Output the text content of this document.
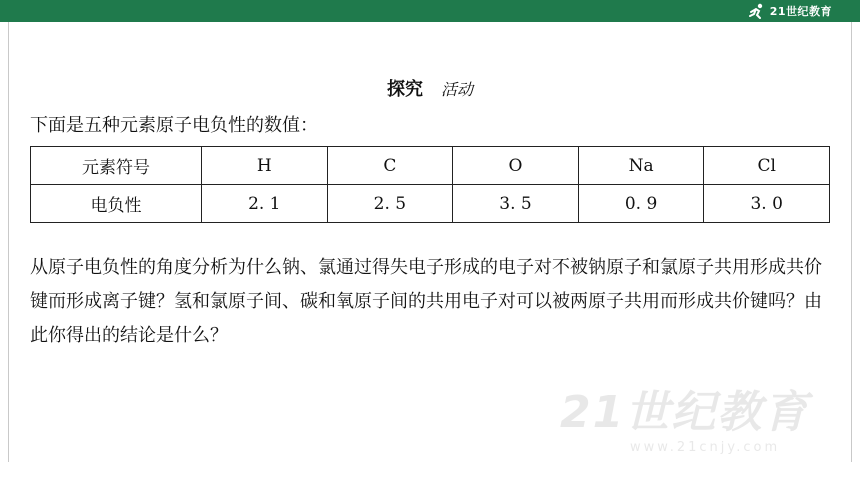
21世纪教育
探究 活动
下面是五种元素原子电负性的数值：
元素符号	H	C	O	Na	Cl
电负性	2. 1	2. 5	3. 5	0. 9	3. 0
从原子电负性的角度分析为什么钠、氯通过得失电子形成的电子对不被钠原子和氯原子共用形成共价键而形成离子键？氢和氯原子间、碳和氧原子间的共用电子对可以被两原子共用而形成共价键吗？由此你得出的结论是什么？
21世纪教育
www.21cnjy.com
